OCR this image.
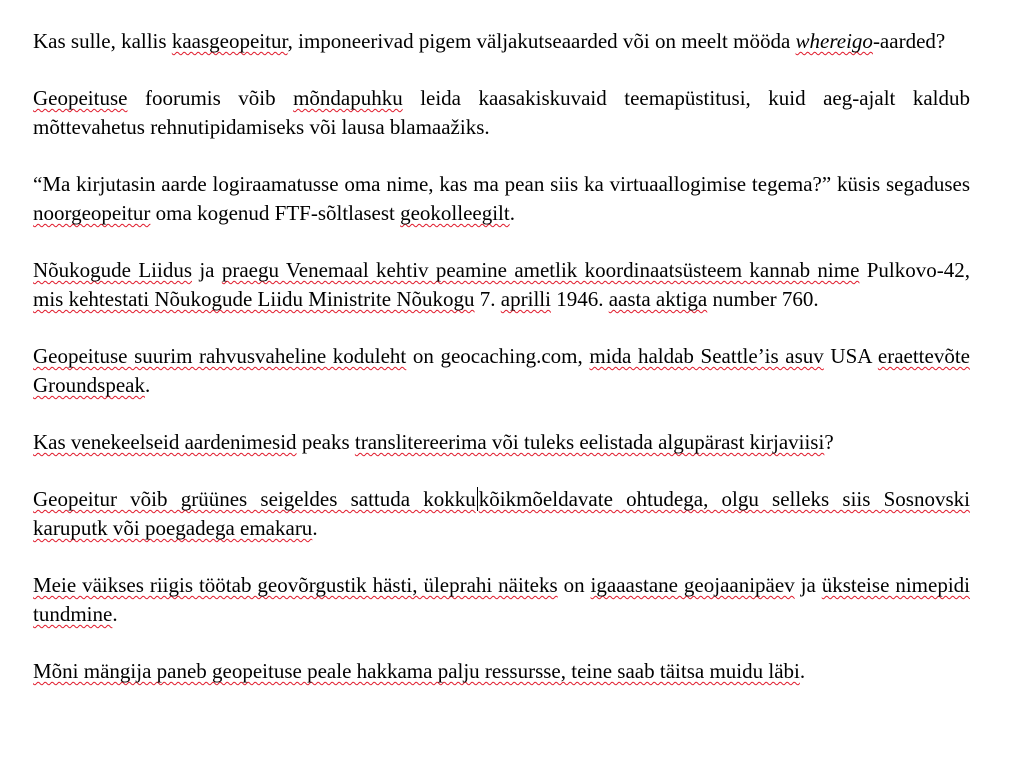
Kas sulle, kallis kaasgeopeitur, imponeerivad pigem väljakutseaarded või on meelt mööda whereigo-aarded?

Geopeituse foorumis võib mõndapuhku leida kaasakiskuvaid teemapüstitusi, kuid aeg-ajalt kaldub mõttevahetus rehnutipidamiseks või lausa blamaažiks.

“Ma kirjutasin aarde logiraamatusse oma nime, kas ma pean siis ka virtuaallogimise tegema?” küsis segaduses noorgeopeitur oma kogenud FTF-sõltlasest geokolleegilt.

Nõukogude Liidus ja praegu Venemaal kehtiv peamine ametlik koordinaatsüsteem kannab nime Pulkovo-42, mis kehtestati Nõukogude Liidu Ministrite Nõukogu 7. aprilli 1946. aasta aktiga number 760.

Geopeituse suurim rahvusvaheline koduleht on geocaching.com, mida haldab Seattle’is asuv USA eraettevõte Groundspeak.

Kas venekeelseid aardenimesid peaks translitereerima või tuleks eelistada algupärast kirjaviisi?

Geopeitur võib grüünes seigeldes sattuda kokku kõikmõeldavate ohtudega, olgu selleks siis Sosnovski karuputk või poegadega emakaru.

Meie väikses riigis töötab geovõrgustik hästi, üleprahi näiteks on igaaastane geojaanipäev ja üksteise nimepidi tundmine.

Mõni mängija paneb geopeituse peale hakkama palju ressursse, teine saab täitsa muidu läbi.
